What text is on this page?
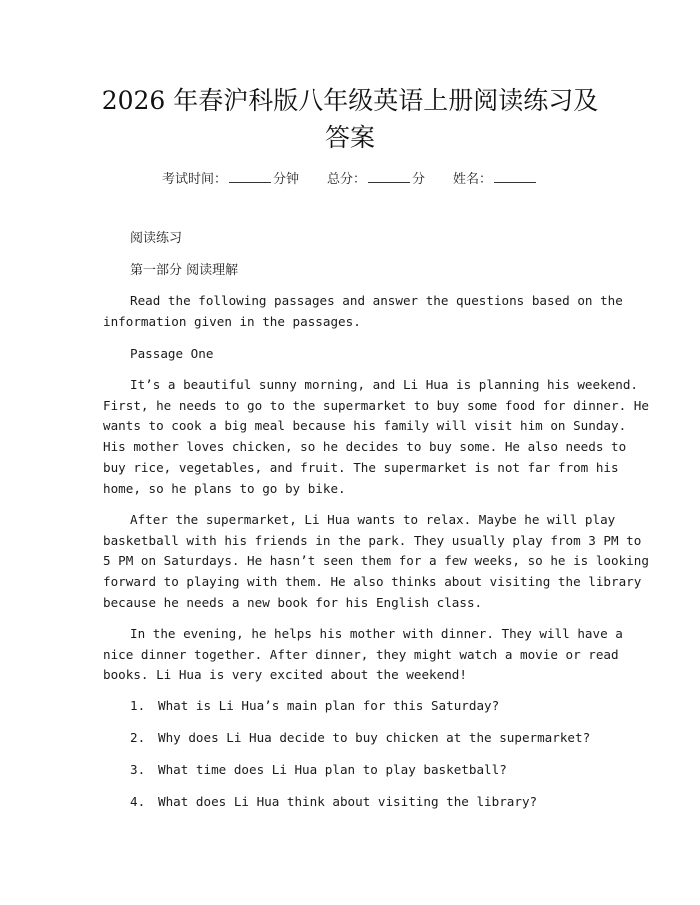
2026 年春沪科版八年级英语上册阅读练习及
答案
考试时间：	分钟 总分：	分 姓名：
阅读练习
第一部分 阅读理解
Read the following passages and answer the questions based on the
information given in the passages.
Passage One
It’s a beautiful sunny morning, and Li Hua is planning his weekend.
First, he needs to go to the supermarket to buy some food for dinner. He
wants to cook a big meal because his family will visit him on Sunday.
His mother loves chicken, so he decides to buy some. He also needs to
buy rice, vegetables, and fruit. The supermarket is not far from his
home, so he plans to go by bike.
After the supermarket, Li Hua wants to relax. Maybe he will play
basketball with his friends in the park. They usually play from 3 PM to
5 PM on Saturdays. He hasn’t seen them for a few weeks, so he is looking
forward to playing with them. He also thinks about visiting the library
because he needs a new book for his English class.
In the evening, he helps his mother with dinner. They will have a
nice dinner together. After dinner, they might watch a movie or read
books. Li Hua is very excited about the weekend!
1. What is Li Hua’s main plan for this Saturday?
2. Why does Li Hua decide to buy chicken at the supermarket?
3. What time does Li Hua plan to play basketball?
4. What does Li Hua think about visiting the library?
